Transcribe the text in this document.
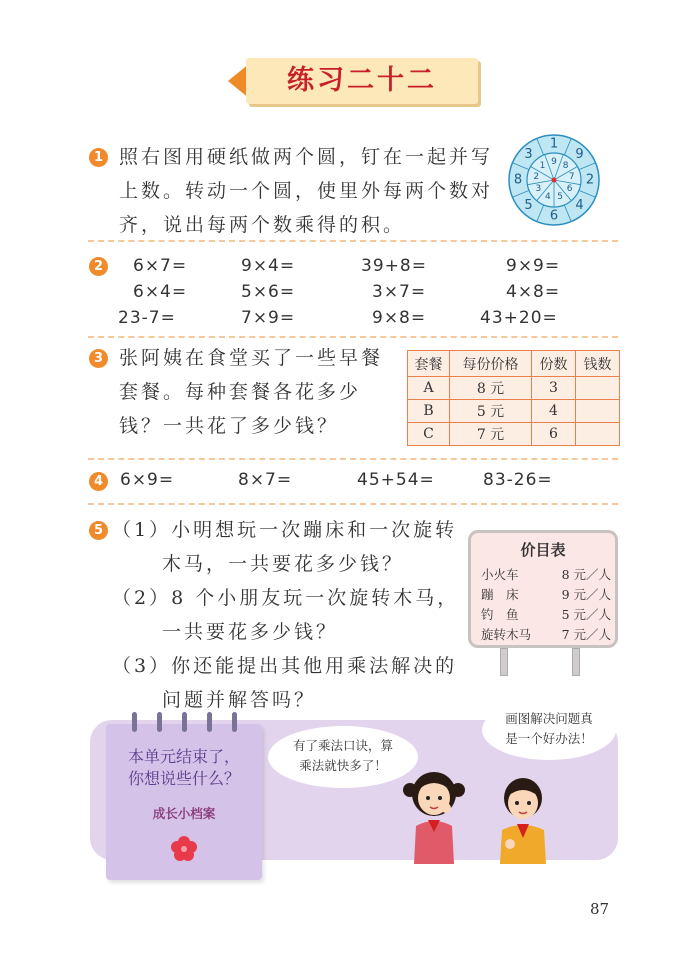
练习二十二
1 照右图用硬纸做两个圆，钉在一起并写
上数。转动一个圆，使里外每两个数对
齐，说出每两个数乘得的积。
1
9
2
4
6
5
8
3 9 8
7
6
5
4
3
2
1
2 6×7=	9×4=	39+8=	9×9=
6×4=	5×6=	3×7=	4×8=
23-7=	7×9=	9×8=	43+20=
3 张阿姨在食堂买了一些早餐
套餐。每种套餐各花多少
钱？一共花了多少钱？
套餐	每份价格	份数	钱数
A	8 元	3	
B	5 元	4	
C	7 元	6	
4 6×9=	8×7=	45+54=	83-26=
5 （1）小明想玩一次蹦床和一次旋转
木马，一共要花多少钱？
（2）8 个小朋友玩一次旋转木马，
一共要花多少钱？
（3）你还能提出其他用乘法解决的
问题并解答吗？
价目表
小火车	8 元／人
蹦　床	9 元／人
钓　鱼	5 元／人
旋转木马 7 元／人
本单元结束了，
你想说些什么？
成长小档案
有了乘法口诀，算
乘法就快多了！
画图解决问题真
是一个好办法！
87
